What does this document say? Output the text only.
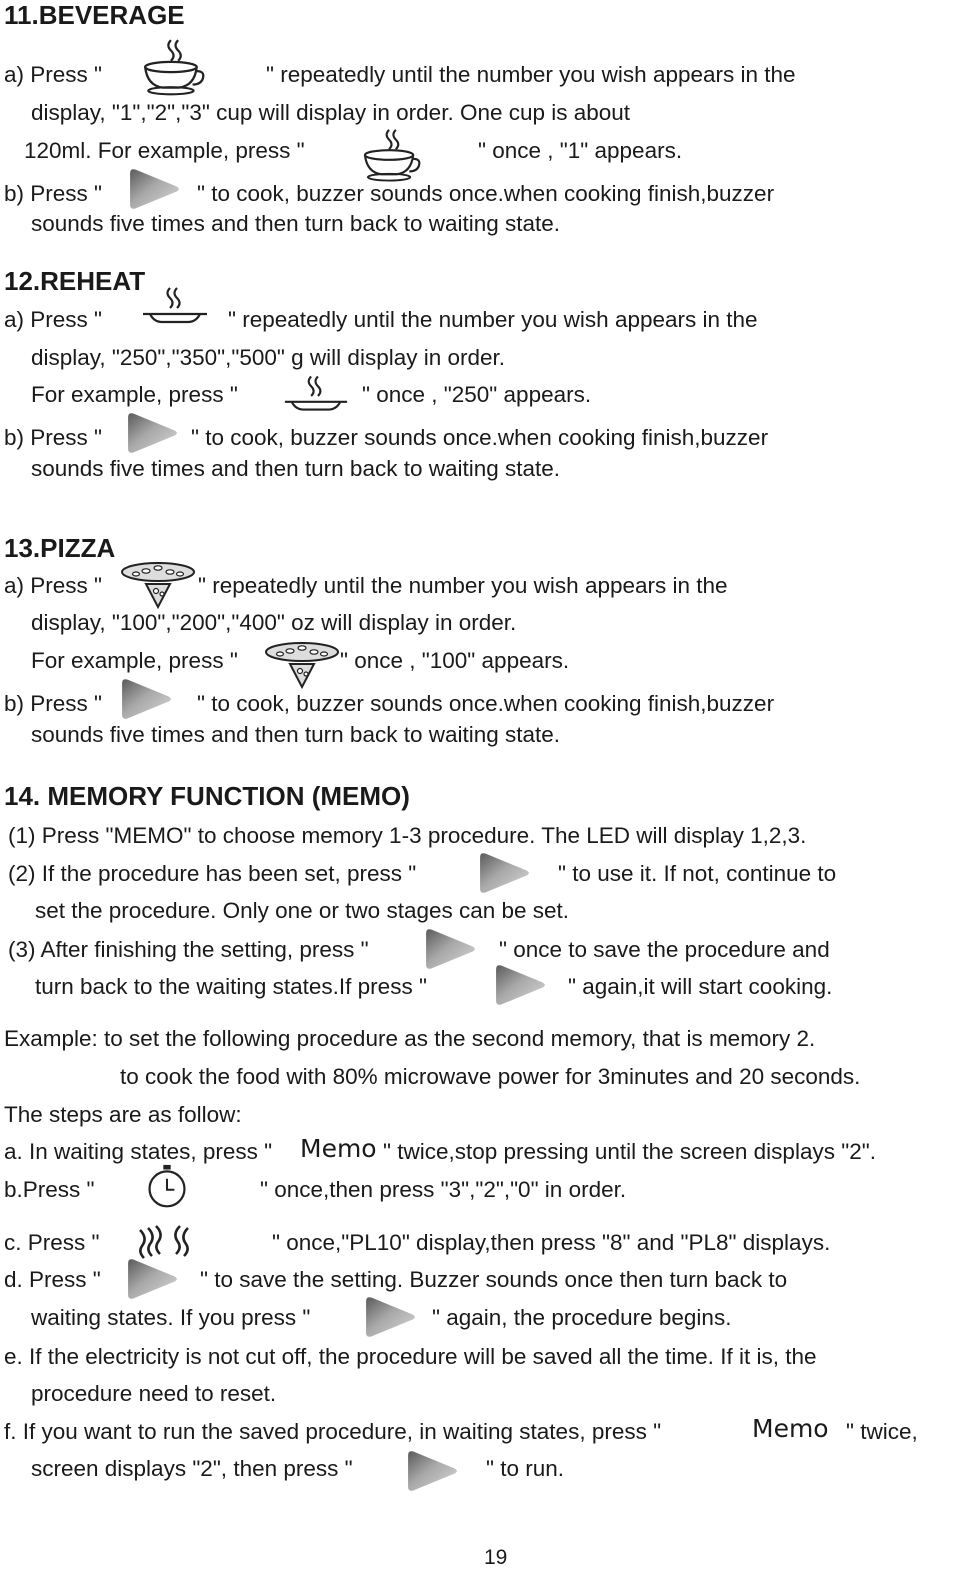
11.BEVERAGE
a) Press "	" repeatedly until the number you wish appears in the
display, "1","2","3" cup will display in order. One cup is about
120ml. For example, press "	" once , "1" appears.
b) Press "	" to cook, buzzer sounds once.when cooking finish,buzzer
sounds five times and then turn back to waiting state.
12.REHEAT
a) Press "	" repeatedly until the number you wish appears in the
display, "250","350","500" g will display in order.
For example, press "	" once , "250" appears.
b) Press "	" to cook, buzzer sounds once.when cooking finish,buzzer
sounds five times and then turn back to waiting state.
13.PIZZA
a) Press "	" repeatedly until the number you wish appears in the
display, "100","200","400" oz will display in order.
For example, press "	" once , "100" appears.
b) Press "	" to cook, buzzer sounds once.when cooking finish,buzzer
sounds five times and then turn back to waiting state.
14. MEMORY FUNCTION (MEMO)
(1) Press "MEMO" to choose memory 1-3 procedure. The LED will display 1,2,3.
(2) If the procedure has been set, press "	" to use it. If not, continue to
set the procedure. Only one or two stages can be set.
(3) After finishing the setting, press "	" once to save the procedure and
turn back to the waiting states.If press "	" again,it will start cooking.
Example: to set the following procedure as the second memory, that is memory 2.
to cook the food with 80% microwave power for 3minutes and 20 seconds.
The steps are as follow:
a. In waiting states, press " Memo " twice,stop pressing until the screen displays "2".
b.Press "	" once,then press "3","2","0" in order.
c. Press "	" once,"PL10" display,then press "8" and "PL8" displays.
d. Press "	" to save the setting. Buzzer sounds once then turn back to
waiting states. If you press "	" again, the procedure begins.
e. If the electricity is not cut off, the procedure will be saved all the time. If it is, the
procedure need to reset.
f. If you want to run the saved procedure, in waiting states, press "	Memo " twice,
screen displays "2", then press "	" to run.
19
